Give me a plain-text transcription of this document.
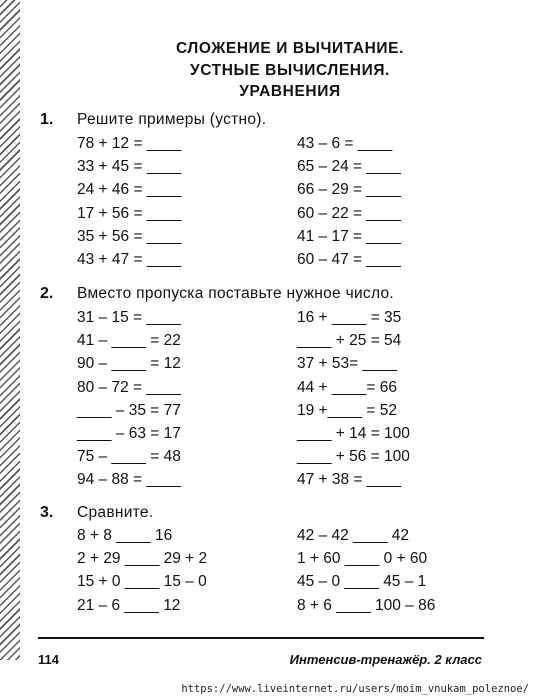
СЛОЖЕНИЕ И ВЫЧИТАНИЕ.
УСТНЫЕ ВЫЧИСЛЕНИЯ.
УРАВНЕНИЯ
1. Решите примеры (устно).
78 + 12 = ____
33 + 45 = ____
24 + 46 = ____
17 + 56 = ____
35 + 56 = ____
43 + 47 = ____
43 – 6 = ____
65 – 24 = ____
66 – 29 = ____
60 – 22 = ____
41 – 17 = ____
60 – 47 = ____
2. Вместо пропуска поставьте нужное число.
31 – 15 = ____
41 – ____ = 22
90 – ____ = 12
80 – 72 = ____
____ – 35 = 77
____ – 63 = 17
75 – ____ = 48
94 – 88 = ____
16 + ____ = 35
____ + 25 = 54
37 + 53= ____
44 + ____= 66
19 +____ = 52
____ + 14 = 100
____ + 56 = 100
47 + 38 = ____
3. Сравните.
8 + 8 ____ 16
2 + 29 ____ 29 + 2
15 + 0 ____ 15 – 0
21 – 6 ____ 12
42 – 42 ____ 42
1 + 60 ____ 0 + 60
45 – 0 ____ 45 – 1
8 + 6 ____ 100 – 86
114	Интенсив-тренажёр. 2 класс
https://www.liveinternet.ru/users/moim_vnukam_poleznoe/
